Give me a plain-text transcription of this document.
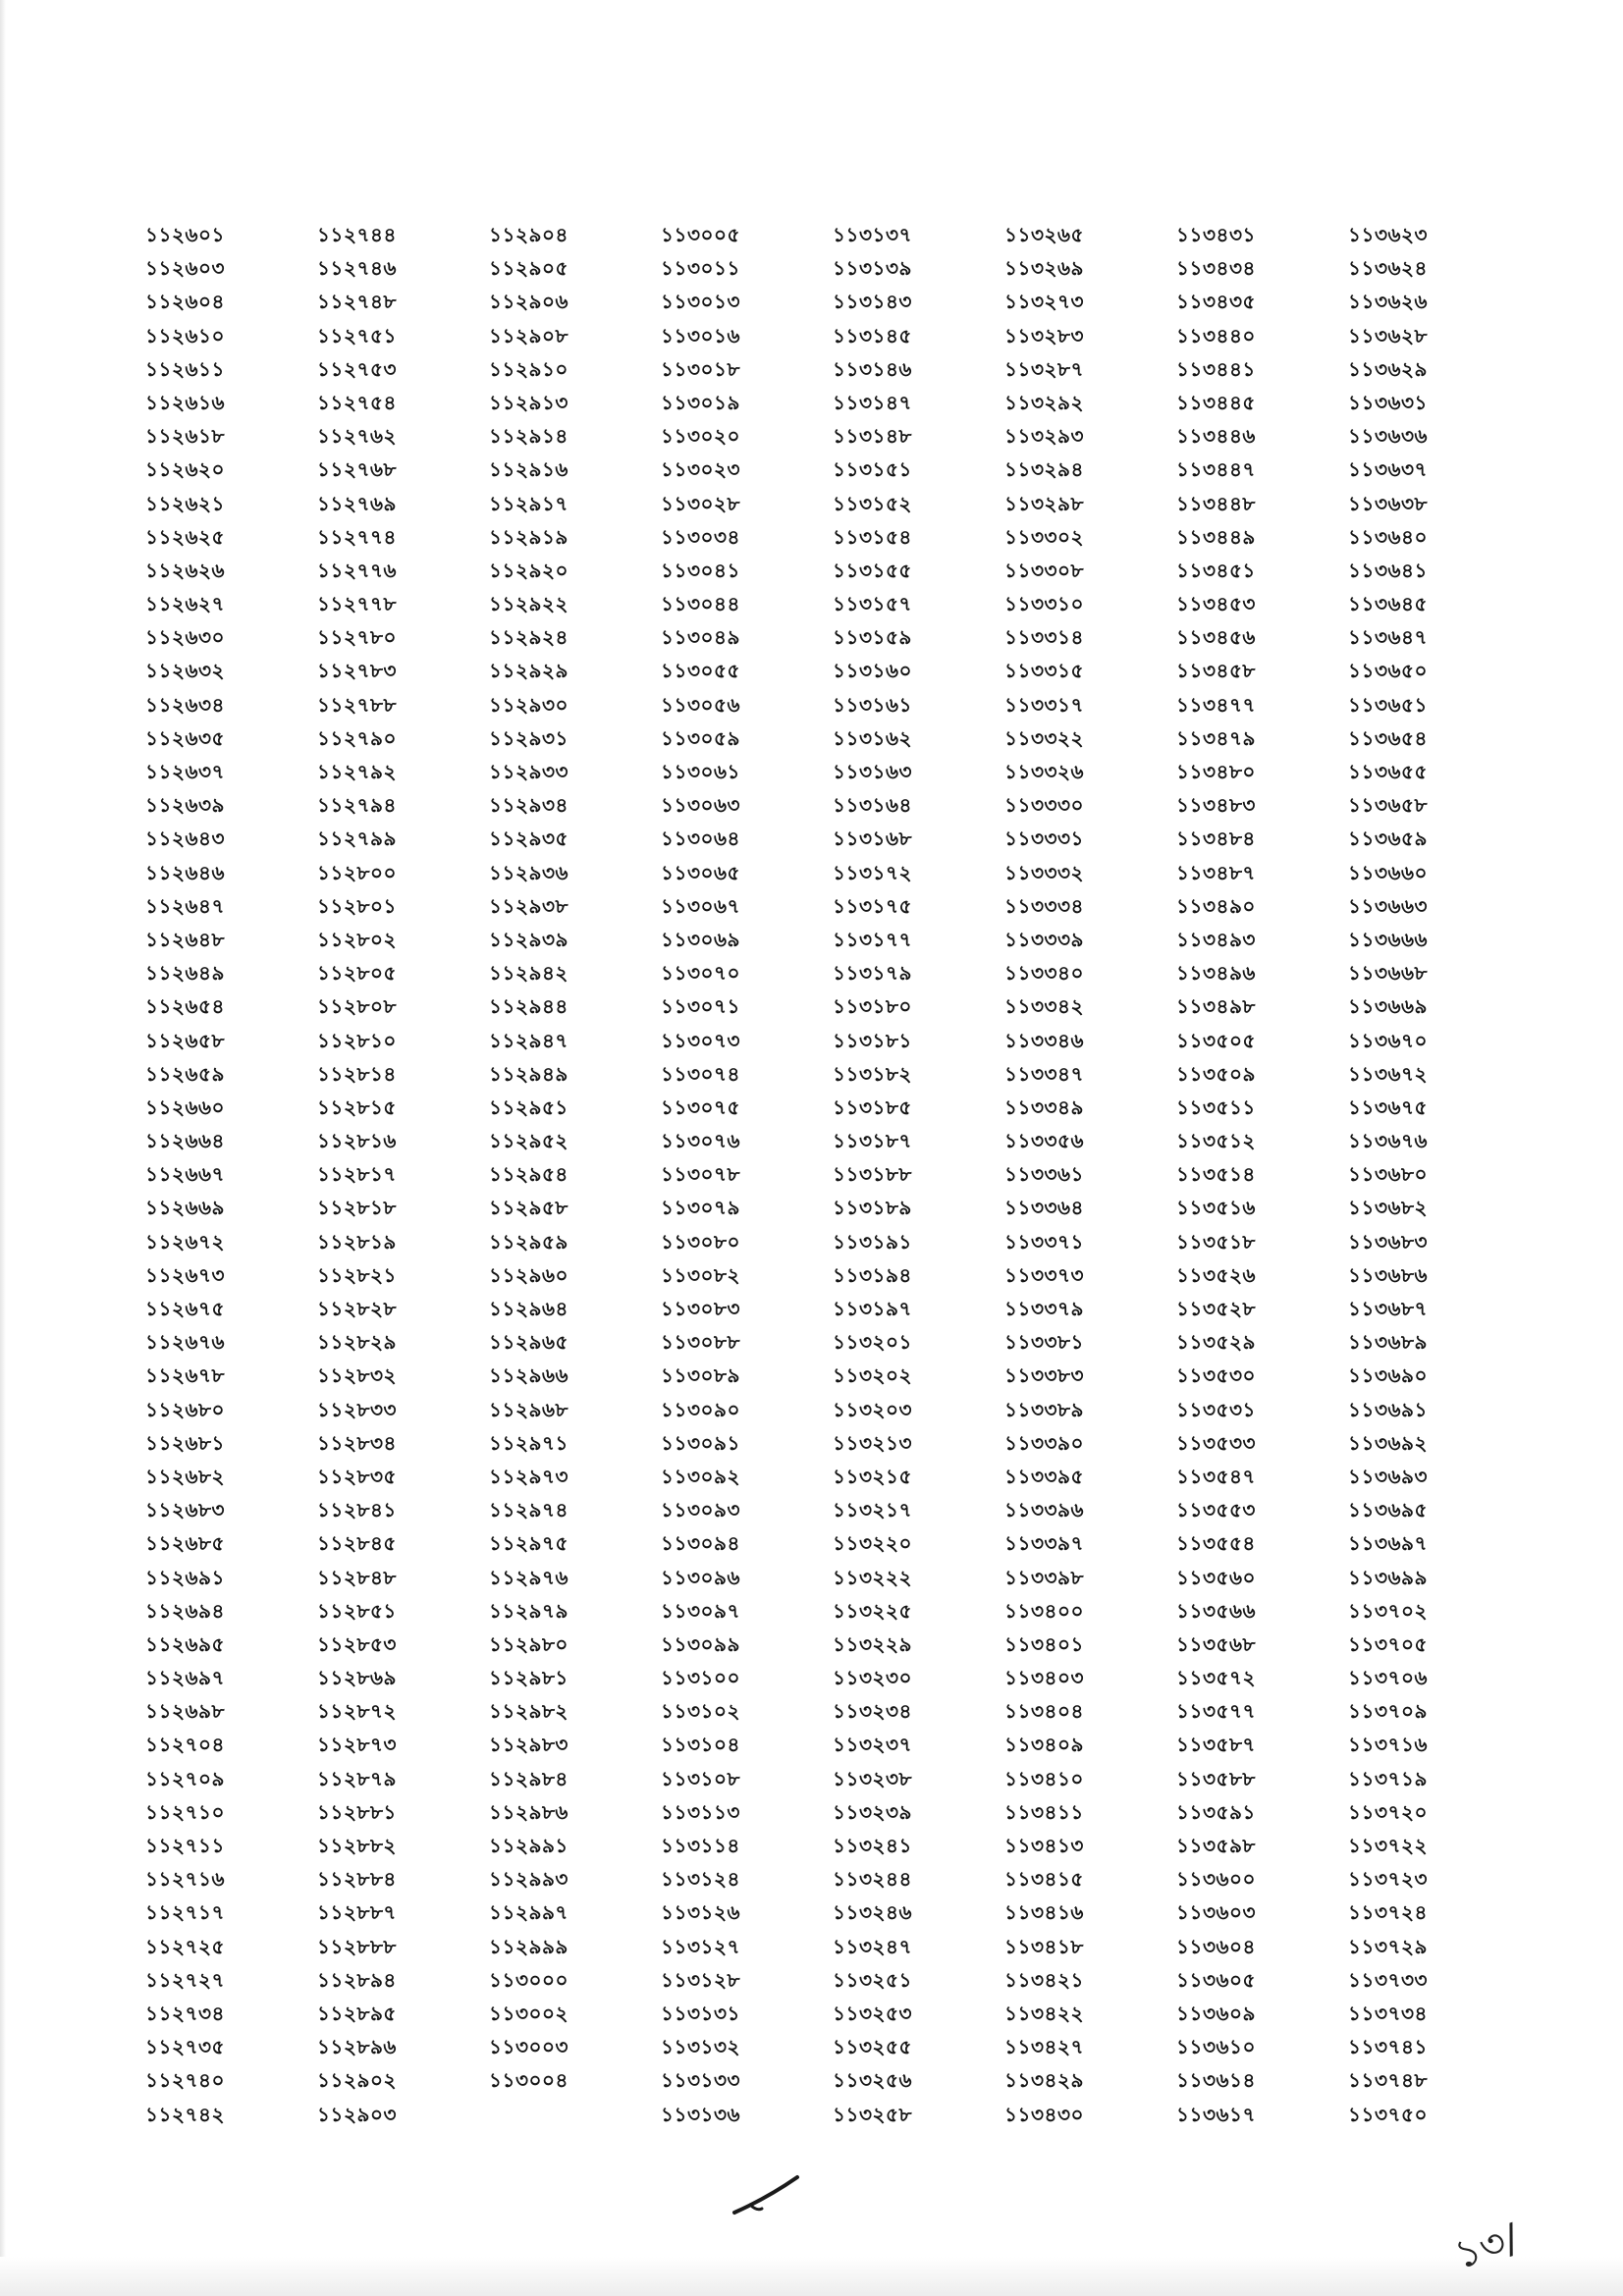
১১২৬০১
১১২৬০৩
১১২৬০৪
১১২৬১০
১১২৬১১
১১২৬১৬
১১২৬১৮
১১২৬২০
১১২৬২১
১১২৬২৫
১১২৬২৬
১১২৬২৭
১১২৬৩০
১১২৬৩২
১১২৬৩৪
১১২৬৩৫
১১২৬৩৭
১১২৬৩৯
১১২৬৪৩
১১২৬৪৬
১১২৬৪৭
১১২৬৪৮
১১২৬৪৯
১১২৬৫৪
১১২৬৫৮
১১২৬৫৯
১১২৬৬০
১১২৬৬৪
১১২৬৬৭
১১২৬৬৯
১১২৬৭২
১১২৬৭৩
১১২৬৭৫
১১২৬৭৬
১১২৬৭৮
১১২৬৮০
১১২৬৮১
১১২৬৮২
১১২৬৮৩
১১২৬৮৫
১১২৬৯১
১১২৬৯৪
১১২৬৯৫
১১২৬৯৭
১১২৬৯৮
১১২৭০৪
১১২৭০৯
১১২৭১০
১১২৭১১
১১২৭১৬
১১২৭১৭
১১২৭২৫
১১২৭২৭
১১২৭৩৪
১১২৭৩৫
১১২৭৪০
১১২৭৪২
১১২৭৪৪
১১২৭৪৬
১১২৭৪৮
১১২৭৫১
১১২৭৫৩
১১২৭৫৪
১১২৭৬২
১১২৭৬৮
১১২৭৬৯
১১২৭৭৪
১১২৭৭৬
১১২৭৭৮
১১২৭৮০
১১২৭৮৩
১১২৭৮৮
১১২৭৯০
১১২৭৯২
১১২৭৯৪
১১২৭৯৯
১১২৮০০
১১২৮০১
১১২৮০২
১১২৮০৫
১১২৮০৮
১১২৮১০
১১২৮১৪
১১২৮১৫
১১২৮১৬
১১২৮১৭
১১২৮১৮
১১২৮১৯
১১২৮২১
১১২৮২৮
১১২৮২৯
১১২৮৩২
১১২৮৩৩
১১২৮৩৪
১১২৮৩৫
১১২৮৪১
১১২৮৪৫
১১২৮৪৮
১১২৮৫১
১১২৮৫৩
১১২৮৬৯
১১২৮৭২
১১২৮৭৩
১১২৮৭৯
১১২৮৮১
১১২৮৮২
১১২৮৮৪
১১২৮৮৭
১১২৮৮৮
১১২৮৯৪
১১২৮৯৫
১১২৮৯৬
১১২৯০২
১১২৯০৩
১১২৯০৪
১১২৯০৫
১১২৯০৬
১১২৯০৮
১১২৯১০
১১২৯১৩
১১২৯১৪
১১২৯১৬
১১২৯১৭
১১২৯১৯
১১২৯২০
১১২৯২২
১১২৯২৪
১১২৯২৯
১১২৯৩০
১১২৯৩১
১১২৯৩৩
১১২৯৩৪
১১২৯৩৫
১১২৯৩৬
১১২৯৩৮
১১২৯৩৯
১১২৯৪২
১১২৯৪৪
১১২৯৪৭
১১২৯৪৯
১১২৯৫১
১১২৯৫২
১১২৯৫৪
১১২৯৫৮
১১২৯৫৯
১১২৯৬০
১১২৯৬৪
১১২৯৬৫
১১২৯৬৬
১১২৯৬৮
১১২৯৭১
১১২৯৭৩
১১২৯৭৪
১১২৯৭৫
১১২৯৭৬
১১২৯৭৯
১১২৯৮০
১১২৯৮১
১১২৯৮২
১১২৯৮৩
১১২৯৮৪
১১২৯৮৬
১১২৯৯১
১১২৯৯৩
১১২৯৯৭
১১২৯৯৯
১১৩০০০
১১৩০০২
১১৩০০৩
১১৩০০৪
১১৩০০৫
১১৩০১১
১১৩০১৩
১১৩০১৬
১১৩০১৮
১১৩০১৯
১১৩০২০
১১৩০২৩
১১৩০২৮
১১৩০৩৪
১১৩০৪১
১১৩০৪৪
১১৩০৪৯
১১৩০৫৫
১১৩০৫৬
১১৩০৫৯
১১৩০৬১
১১৩০৬৩
১১৩০৬৪
১১৩০৬৫
১১৩০৬৭
১১৩০৬৯
১১৩০৭০
১১৩০৭১
১১৩০৭৩
১১৩০৭৪
১১৩০৭৫
১১৩০৭৬
১১৩০৭৮
১১৩০৭৯
১১৩০৮০
১১৩০৮২
১১৩০৮৩
১১৩০৮৮
১১৩০৮৯
১১৩০৯০
১১৩০৯১
১১৩০৯২
১১৩০৯৩
১১৩০৯৪
১১৩০৯৬
১১৩০৯৭
১১৩০৯৯
১১৩১০০
১১৩১০২
১১৩১০৪
১১৩১০৮
১১৩১১৩
১১৩১১৪
১১৩১২৪
১১৩১২৬
১১৩১২৭
১১৩১২৮
১১৩১৩১
১১৩১৩২
১১৩১৩৩
১১৩১৩৬
১১৩১৩৭
১১৩১৩৯
১১৩১৪৩
১১৩১৪৫
১১৩১৪৬
১১৩১৪৭
১১৩১৪৮
১১৩১৫১
১১৩১৫২
১১৩১৫৪
১১৩১৫৫
১১৩১৫৭
১১৩১৫৯
১১৩১৬০
১১৩১৬১
১১৩১৬২
১১৩১৬৩
১১৩১৬৪
১১৩১৬৮
১১৩১৭২
১১৩১৭৫
১১৩১৭৭
১১৩১৭৯
১১৩১৮০
১১৩১৮১
১১৩১৮২
১১৩১৮৫
১১৩১৮৭
১১৩১৮৮
১১৩১৮৯
১১৩১৯১
১১৩১৯৪
১১৩১৯৭
১১৩২০১
১১৩২০২
১১৩২০৩
১১৩২১৩
১১৩২১৫
১১৩২১৭
১১৩২২০
১১৩২২২
১১৩২২৫
১১৩২২৯
১১৩২৩০
১১৩২৩৪
১১৩২৩৭
১১৩২৩৮
১১৩২৩৯
১১৩২৪১
১১৩২৪৪
১১৩২৪৬
১১৩২৪৭
১১৩২৫১
১১৩২৫৩
১১৩২৫৫
১১৩২৫৬
১১৩২৫৮
১১৩২৬৫
১১৩২৬৯
১১৩২৭৩
১১৩২৮৩
১১৩২৮৭
১১৩২৯২
১১৩২৯৩
১১৩২৯৪
১১৩২৯৮
১১৩৩০২
১১৩৩০৮
১১৩৩১০
১১৩৩১৪
১১৩৩১৫
১১৩৩১৭
১১৩৩২২
১১৩৩২৬
১১৩৩৩০
১১৩৩৩১
১১৩৩৩২
১১৩৩৩৪
১১৩৩৩৯
১১৩৩৪০
১১৩৩৪২
১১৩৩৪৬
১১৩৩৪৭
১১৩৩৪৯
১১৩৩৫৬
১১৩৩৬১
১১৩৩৬৪
১১৩৩৭১
১১৩৩৭৩
১১৩৩৭৯
১১৩৩৮১
১১৩৩৮৩
১১৩৩৮৯
১১৩৩৯০
১১৩৩৯৫
১১৩৩৯৬
১১৩৩৯৭
১১৩৩৯৮
১১৩৪০০
১১৩৪০১
১১৩৪০৩
১১৩৪০৪
১১৩৪০৯
১১৩৪১০
১১৩৪১১
১১৩৪১৩
১১৩৪১৫
১১৩৪১৬
১১৩৪১৮
১১৩৪২১
১১৩৪২২
১১৩৪২৭
১১৩৪২৯
১১৩৪৩০
১১৩৪৩১
১১৩৪৩৪
১১৩৪৩৫
১১৩৪৪০
১১৩৪৪১
১১৩৪৪৫
১১৩৪৪৬
১১৩৪৪৭
১১৩৪৪৮
১১৩৪৪৯
১১৩৪৫১
১১৩৪৫৩
১১৩৪৫৬
১১৩৪৫৮
১১৩৪৭৭
১১৩৪৭৯
১১৩৪৮০
১১৩৪৮৩
১১৩৪৮৪
১১৩৪৮৭
১১৩৪৯০
১১৩৪৯৩
১১৩৪৯৬
১১৩৪৯৮
১১৩৫০৫
১১৩৫০৯
১১৩৫১১
১১৩৫১২
১১৩৫১৪
১১৩৫১৬
১১৩৫১৮
১১৩৫২৬
১১৩৫২৮
১১৩৫২৯
১১৩৫৩০
১১৩৫৩১
১১৩৫৩৩
১১৩৫৪৭
১১৩৫৫৩
১১৩৫৫৪
১১৩৫৬০
১১৩৫৬৬
১১৩৫৬৮
১১৩৫৭২
১১৩৫৭৭
১১৩৫৮৭
১১৩৫৮৮
১১৩৫৯১
১১৩৫৯৮
১১৩৬০০
১১৩৬০৩
১১৩৬০৪
১১৩৬০৫
১১৩৬০৯
১১৩৬১০
১১৩৬১৪
১১৩৬১৭
১১৩৬২৩
১১৩৬২৪
১১৩৬২৬
১১৩৬২৮
১১৩৬২৯
১১৩৬৩১
১১৩৬৩৬
১১৩৬৩৭
১১৩৬৩৮
১১৩৬৪০
১১৩৬৪১
১১৩৬৪৫
১১৩৬৪৭
১১৩৬৫০
১১৩৬৫১
১১৩৬৫৪
১১৩৬৫৫
১১৩৬৫৮
১১৩৬৫৯
১১৩৬৬০
১১৩৬৬৩
১১৩৬৬৬
১১৩৬৬৮
১১৩৬৬৯
১১৩৬৭০
১১৩৬৭২
১১৩৬৭৫
১১৩৬৭৬
১১৩৬৮০
১১৩৬৮২
১১৩৬৮৩
১১৩৬৮৬
১১৩৬৮৭
১১৩৬৮৯
১১৩৬৯০
১১৩৬৯১
১১৩৬৯২
১১৩৬৯৩
১১৩৬৯৫
১১৩৬৯৭
১১৩৬৯৯
১১৩৭০২
১১৩৭০৫
১১৩৭০৬
১১৩৭০৯
১১৩৭১৬
১১৩৭১৯
১১৩৭২০
১১৩৭২২
১১৩৭২৩
১১৩৭২৪
১১৩৭২৯
১১৩৭৩৩
১১৩৭৩৪
১১৩৭৪১
১১৩৭৪৮
১১৩৭৫০
১৩/
